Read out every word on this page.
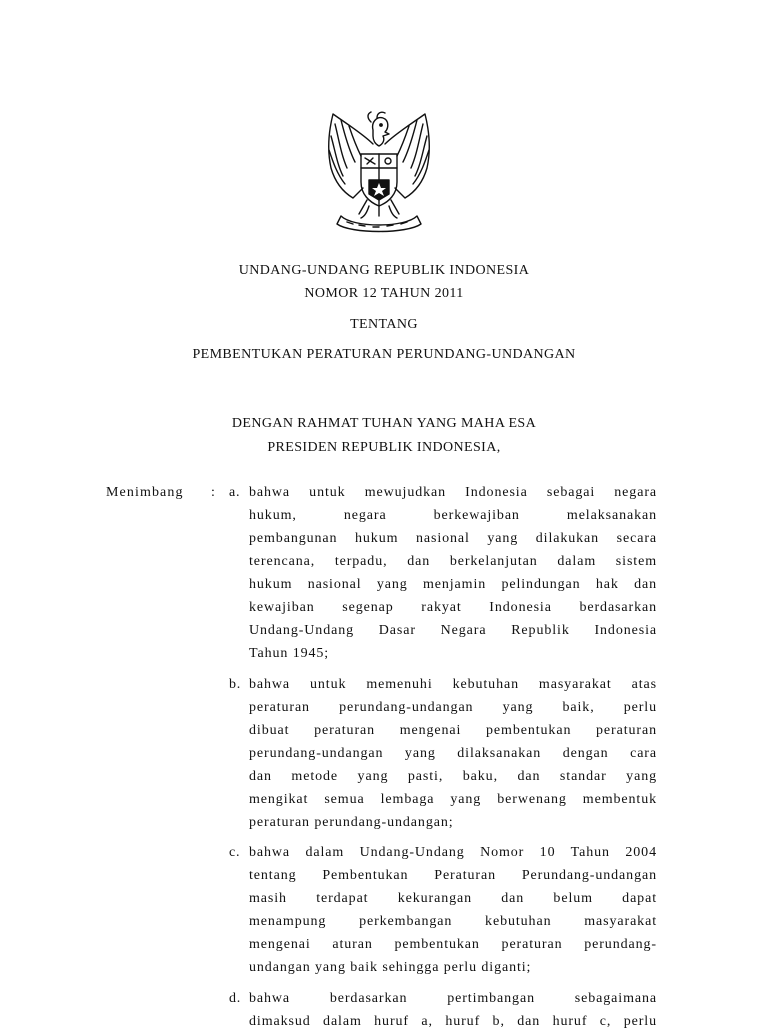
UNDANG-UNDANG REPUBLIK INDONESIA
NOMOR 12 TAHUN 2011
TENTANG
PEMBENTUKAN PERATURAN PERUNDANG-UNDANGAN
DENGAN RAHMAT TUHAN YANG MAHA ESA
PRESIDEN REPUBLIK INDONESIA,
Menimbang : a. bahwa untuk mewujudkan Indonesia sebagai negara
hukum, negara berkewajiban melaksanakan
pembangunan hukum nasional yang dilakukan secara
terencana, terpadu, dan berkelanjutan dalam sistem
hukum nasional yang menjamin pelindungan hak dan
kewajiban segenap rakyat Indonesia berdasarkan
Undang-Undang Dasar Negara Republik Indonesia
Tahun 1945;
b. bahwa untuk memenuhi kebutuhan masyarakat atas
peraturan perundang-undangan yang baik, perlu
dibuat peraturan mengenai pembentukan peraturan
perundang-undangan yang dilaksanakan dengan cara
dan metode yang pasti, baku, dan standar yang
mengikat semua lembaga yang berwenang membentuk
peraturan perundang-undangan;
c. bahwa dalam Undang-Undang Nomor 10 Tahun 2004
tentang Pembentukan Peraturan Perundang-undangan
masih terdapat kekurangan dan belum dapat
menampung perkembangan kebutuhan masyarakat
mengenai aturan pembentukan peraturan perundang-
undangan yang baik sehingga perlu diganti;
d. bahwa berdasarkan pertimbangan sebagaimana
dimaksud dalam huruf a, huruf b, dan huruf c, perlu
